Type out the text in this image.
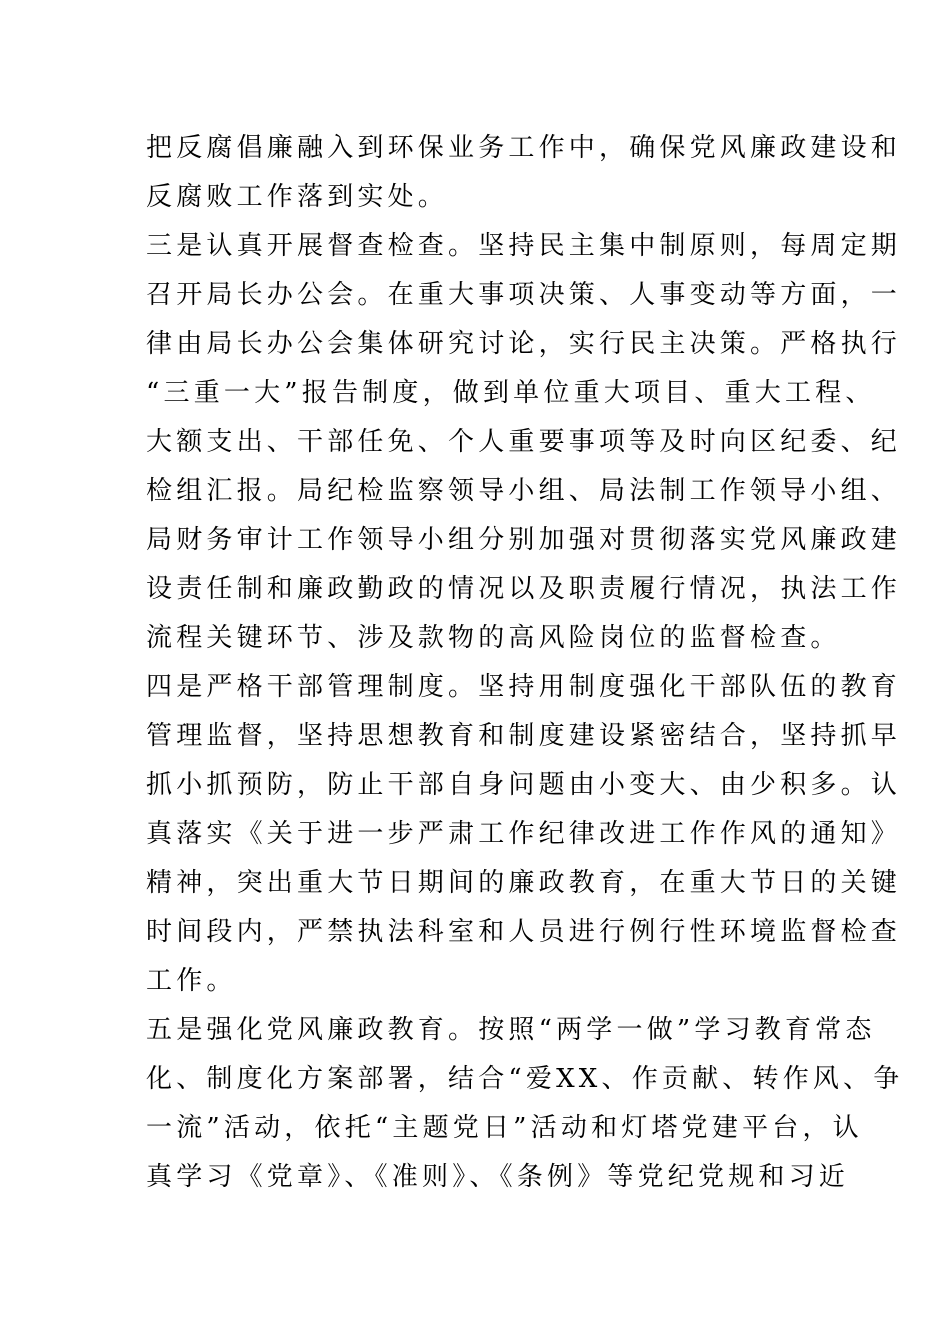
把反腐倡廉融入到环保业务工作中，确保党风廉政建设和
反腐败工作落到实处。
三是认真开展督查检查。坚持民主集中制原则，每周定期
召开局长办公会。在重大事项决策、人事变动等方面，一
律由局长办公会集体研究讨论，实行民主决策。严格执行
“三重一大”报告制度，做到单位重大项目、重大工程、
大额支出、干部任免、个人重要事项等及时向区纪委、纪
检组汇报。局纪检监察领导小组、局法制工作领导小组、
局财务审计工作领导小组分别加强对贯彻落实党风廉政建
设责任制和廉政勤政的情况以及职责履行情况，执法工作
流程关键环节、涉及款物的高风险岗位的监督检查。
四是严格干部管理制度。坚持用制度强化干部队伍的教育
管理监督，坚持思想教育和制度建设紧密结合，坚持抓早
抓小抓预防，防止干部自身问题由小变大、由少积多。认
真落实《关于进一步严肃工作纪律改进工作作风的通知》
精神，突出重大节日期间的廉政教育，在重大节日的关键
时间段内，严禁执法科室和人员进行例行性环境监督检查
工作。
五是强化党风廉政教育。按照“两学一做”学习教育常态
化、制度化方案部署，结合“爱XX、作贡献、转作风、争
一流”活动，依托“主题党日”活动和灯塔党建平台，认
真学习《党章》、《准则》、《条例》等党纪党规和习近
